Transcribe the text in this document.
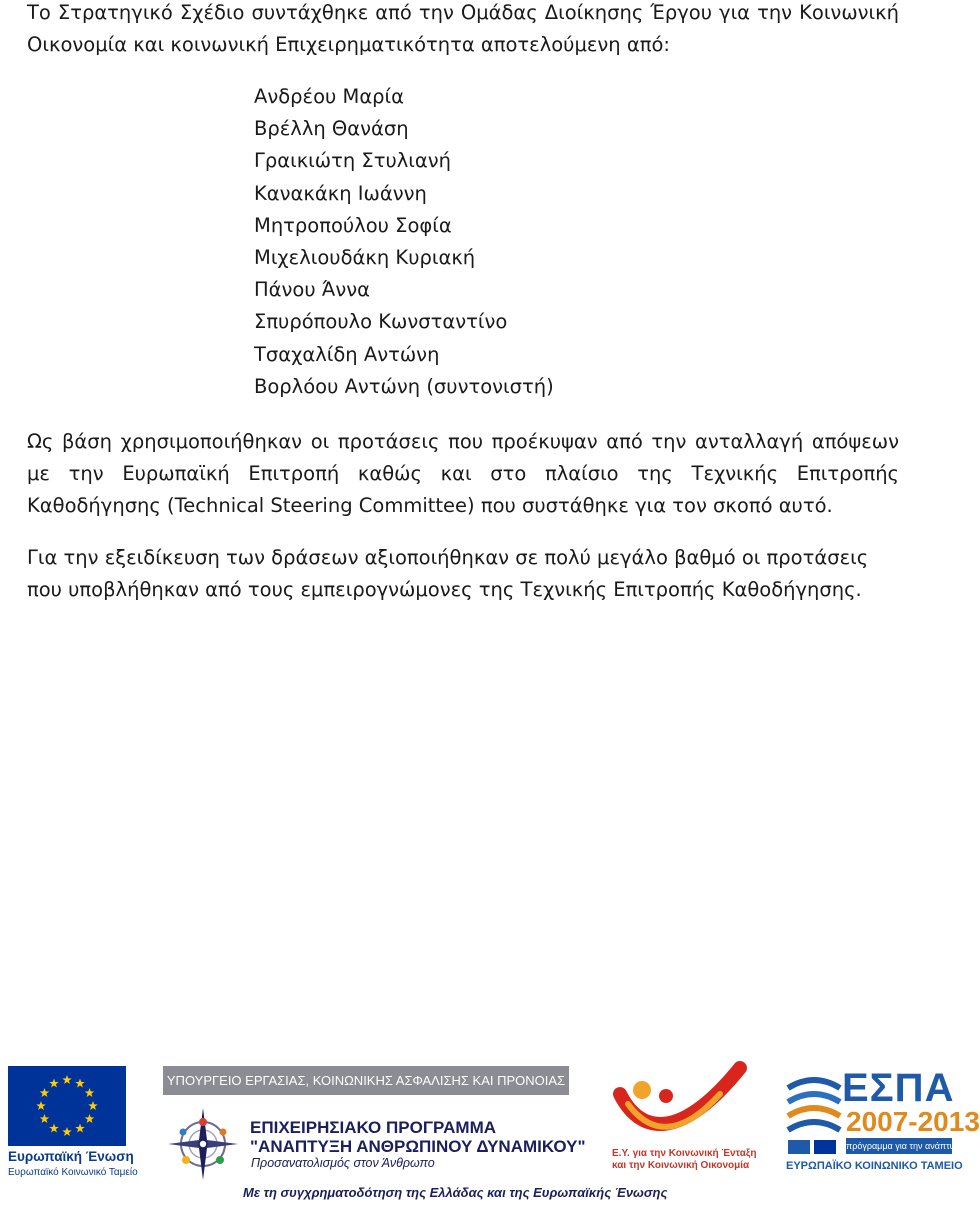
Το Στρατηγικό Σχέδιο συντάχθηκε από την Ομάδας Διοίκησης Έργου για την Κοινωνική Οικονομία και κοινωνική Επιχειρηματικότητα αποτελούμενη από:

Ανδρέου Μαρία
Βρέλλη Θανάση
Γραικιώτη Στυλιανή
Κανακάκη Ιωάννη
Μητροπούλου Σοφία
Μιχελιουδάκη Κυριακή
Πάνου Άννα
Σπυρόπουλο Κωνσταντίνο
Τσαχαλίδη Αντώνη
Βορλόου Αντώνη (συντονιστή)

Ως βάση χρησιμοποιήθηκαν οι προτάσεις που προέκυψαν από την ανταλλαγή απόψεων με την Ευρωπαϊκή Επιτροπή καθώς και στο πλαίσιο της Τεχνικής Επιτροπής Καθοδήγησης (Technical Steering Committee) που συστάθηκε για τον σκοπό αυτό.

Για την εξειδίκευση των δράσεων αξιοποιήθηκαν σε πολύ μεγάλο βαθμό οι προτάσεις που υποβλήθηκαν από τους εμπειρογνώμονες της Τεχνικής Επιτροπής Καθοδήγησης.

Ευρωπαϊκή Ένωση
Ευρωπαϊκό Κοινωνικό Ταμείο
ΥΠΟΥΡΓΕΙΟ ΕΡΓΑΣΙΑΣ, ΚΟΙΝΩΝΙΚΗΣ ΑΣΦΑΛΙΣΗΣ ΚΑΙ ΠΡΟΝΟΙΑΣ
ΕΠΙΧΕΙΡΗΣΙΑΚΟ ΠΡΟΓΡΑΜΜΑ
"ΑΝΑΠΤΥΞΗ ΑΝΘΡΩΠΙΝΟΥ ΔΥΝΑΜΙΚΟΥ"
Προσανατολισμός στον Άνθρωπο
Με τη συγχρηματοδότηση της Ελλάδας και της Ευρωπαϊκής Ένωσης
Ε.Υ. για την Κοινωνική Ένταξη
και την Κοινωνική Οικονομία
ΕΣΠΑ
2007-2013
πρόγραμμα για την ανάπτυξη
ΕΥΡΩΠΑΪΚΟ ΚΟΙΝΩΝΙΚΟ ΤΑΜΕΙΟ
